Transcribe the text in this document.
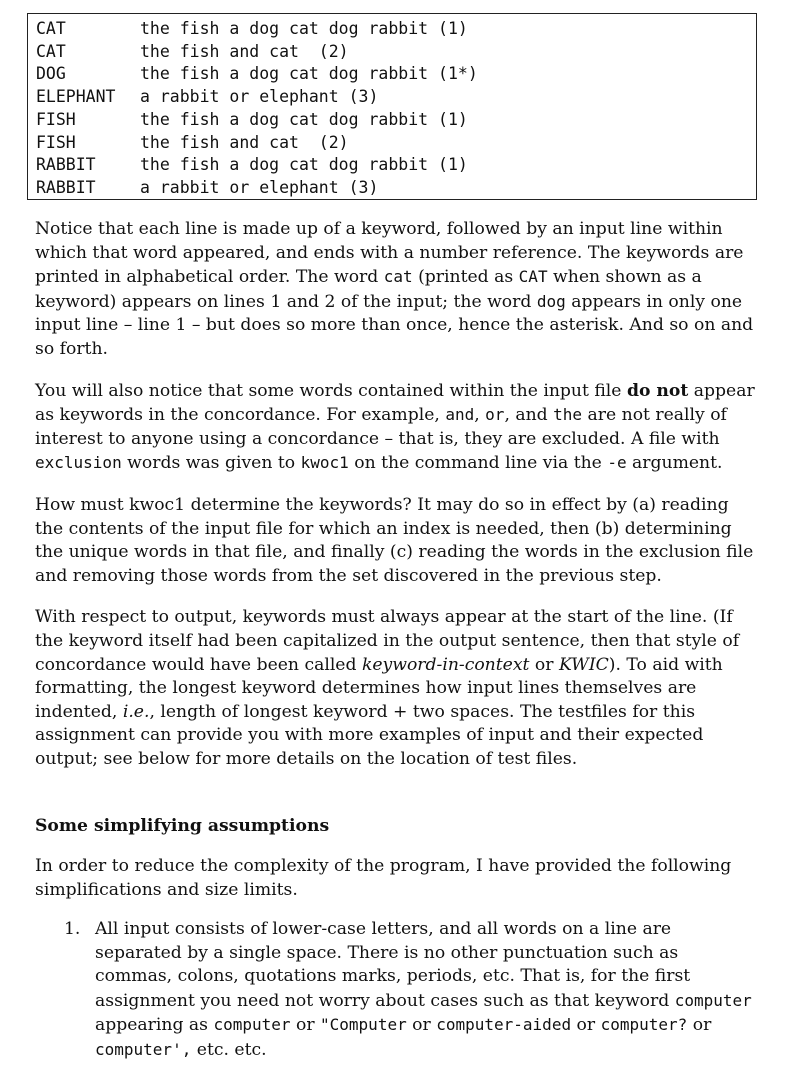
CAT	the fish a dog cat dog rabbit (1)
CAT	the fish and cat  (2)
DOG	the fish a dog cat dog rabbit (1*)
ELEPHANT	a rabbit or elephant (3)
FISH	the fish a dog cat dog rabbit (1)
FISH	the fish and cat  (2)
RABBIT	the fish a dog cat dog rabbit (1)
RABBIT	a rabbit or elephant (3)

Notice that each line is made up of a keyword, followed by an input line within which that word appeared, and ends with a number reference. The keywords are printed in alphabetical order. The word cat (printed as CAT when shown as a keyword) appears on lines 1 and 2 of the input; the word dog appears in only one input line – line 1 – but does so more than once, hence the asterisk. And so on and so forth.

You will also notice that some words contained within the input file do not appear as keywords in the concordance. For example, and, or, and the are not really of interest to anyone using a concordance – that is, they are excluded. A file with exclusion words was given to kwoc1 on the command line via the -e argument.

How must kwoc1 determine the keywords? It may do so in effect by (a) reading the contents of the input file for which an index is needed, then (b) determining the unique words in that file, and finally (c) reading the words in the exclusion file and removing those words from the set discovered in the previous step.

With respect to output, keywords must always appear at the start of the line. (If the keyword itself had been capitalized in the output sentence, then that style of concordance would have been called keyword-in-context or KWIC). To aid with formatting, the longest keyword determines how input lines themselves are indented, i.e., length of longest keyword + two spaces. The testfiles for this assignment can provide you with more examples of input and their expected output; see below for more details on the location of test files.

Some simplifying assumptions

In order to reduce the complexity of the program, I have provided the following simplifications and size limits.

1. All input consists of lower-case letters, and all words on a line are separated by a single space. There is no other punctuation such as commas, colons, quotations marks, periods, etc. That is, for the first assignment you need not worry about cases such as that keyword computer appearing as computer or "Computer or computer-aided or computer? or computer', etc. etc.
